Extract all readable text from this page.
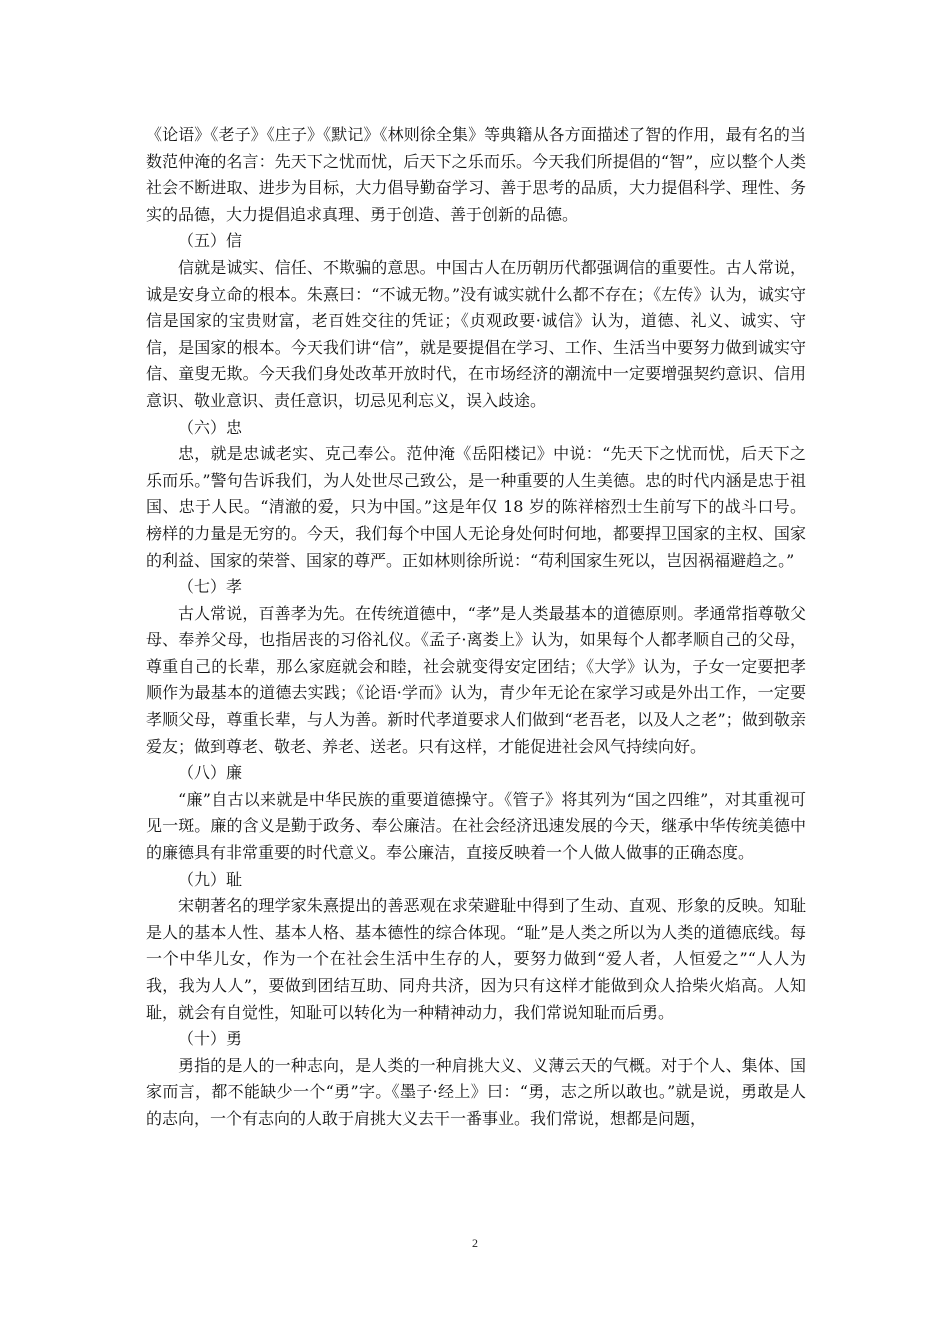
《论语》《老子》《庄子》《默记》《林则徐全集》等典籍从各方面描述了智的作用，最有名的当数范仲淹的名言：先天下之忧而忧，后天下之乐而乐。今天我们所提倡的“智”，应以整个人类社会不断进取、进步为目标，大力倡导勤奋学习、善于思考的品质，大力提倡科学、理性、务实的品德，大力提倡追求真理、勇于创造、善于创新的品德。

（五）信

信就是诚实、信任、不欺骗的意思。中国古人在历朝历代都强调信的重要性。古人常说，诚是安身立命的根本。朱熹曰：“不诚无物。”没有诚实就什么都不存在；《左传》认为，诚实守信是国家的宝贵财富，老百姓交往的凭证；《贞观政要·诚信》认为，道德、礼义、诚实、守信，是国家的根本。今天我们讲“信”，就是要提倡在学习、工作、生活当中要努力做到诚实守信、童叟无欺。今天我们身处改革开放时代，在市场经济的潮流中一定要增强契约意识、信用意识、敬业意识、责任意识，切忌见利忘义，误入歧途。

（六）忠

忠，就是忠诚老实、克己奉公。范仲淹《岳阳楼记》中说：“先天下之忧而忧，后天下之乐而乐。”警句告诉我们，为人处世尽己致公，是一种重要的人生美德。忠的时代内涵是忠于祖国、忠于人民。“清澈的爱，只为中国。”这是年仅 18 岁的陈祥榕烈士生前写下的战斗口号。榜样的力量是无穷的。今天，我们每个中国人无论身处何时何地，都要捍卫国家的主权、国家的利益、国家的荣誉、国家的尊严。正如林则徐所说：“苟利国家生死以，岂因祸福避趋之。”

（七）孝

古人常说，百善孝为先。在传统道德中，“孝”是人类最基本的道德原则。孝通常指尊敬父母、奉养父母，也指居丧的习俗礼仪。《孟子·离娄上》认为，如果每个人都孝顺自己的父母，尊重自己的长辈，那么家庭就会和睦，社会就变得安定团结；《大学》认为，子女一定要把孝顺作为最基本的道德去实践；《论语·学而》认为，青少年无论在家学习或是外出工作，一定要孝顺父母，尊重长辈，与人为善。新时代孝道要求人们做到“老吾老，以及人之老”；做到敬亲爱友；做到尊老、敬老、养老、送老。只有这样，才能促进社会风气持续向好。

（八）廉

“廉”自古以来就是中华民族的重要道德操守。《管子》将其列为“国之四维”，对其重视可见一斑。廉的含义是勤于政务、奉公廉洁。在社会经济迅速发展的今天，继承中华传统美德中的廉德具有非常重要的时代意义。奉公廉洁，直接反映着一个人做人做事的正确态度。

（九）耻

宋朝著名的理学家朱熹提出的善恶观在求荣避耻中得到了生动、直观、形象的反映。知耻是人的基本人性、基本人格、基本德性的综合体现。“耻”是人类之所以为人类的道德底线。每一个中华儿女，作为一个在社会生活中生存的人，要努力做到“爱人者，人恒爱之”“人人为我，我为人人”，要做到团结互助、同舟共济，因为只有这样才能做到众人拾柴火焰高。人知耻，就会有自觉性，知耻可以转化为一种精神动力，我们常说知耻而后勇。

（十）勇

勇指的是人的一种志向，是人类的一种肩挑大义、义薄云天的气概。对于个人、集体、国家而言，都不能缺少一个“勇”字。《墨子·经上》曰：“勇，志之所以敢也。”就是说，勇敢是人的志向，一个有志向的人敢于肩挑大义去干一番事业。我们常说，想都是问题，

2
